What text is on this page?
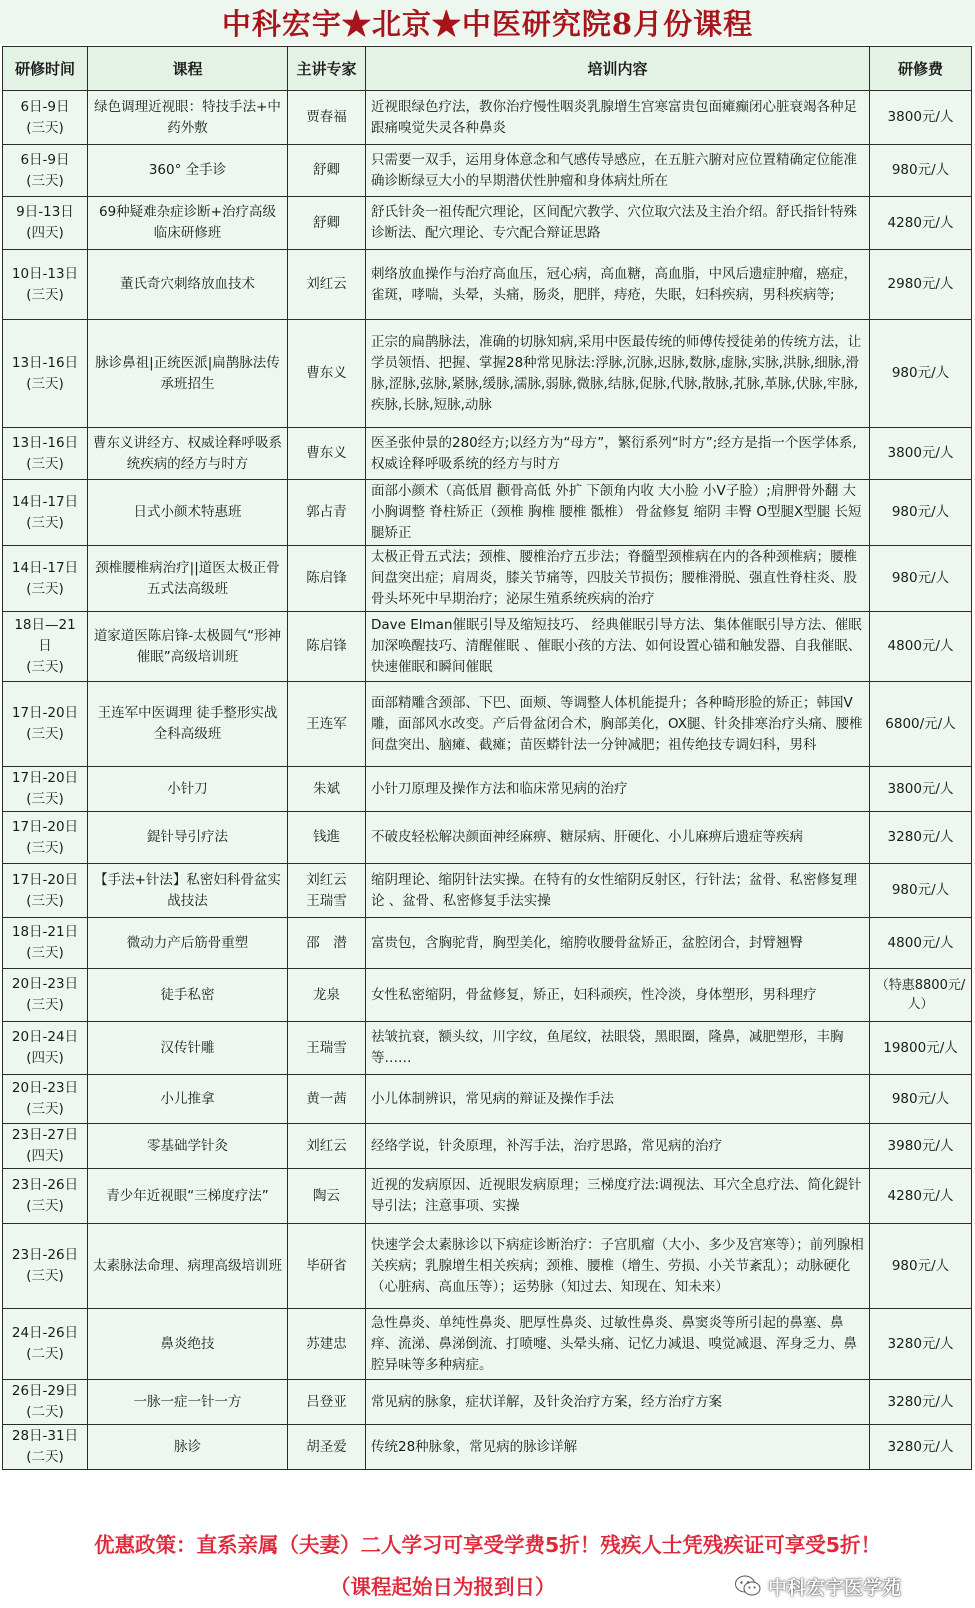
中科宏宇★北京★中医研究院8月份课程
研修时间	课程	主讲专家	培训内容	研修费

6日-9日
(三天)	绿色调理近视眼：特技手法+中药外敷	贾春福	近视眼绿色疗法，教你治疗慢性咽炎乳腺增生宫寒富贵包面瘫癫闭心脏衰竭各种足跟痛嗅觉失灵各种鼻炎	3800元/人

6日-9日
(三天)	360° 全手诊	舒卿	只需要一双手，运用身体意念和气感传导感应，在五脏六腑对应位置精确定位能准确诊断绿豆大小的早期潜伏性肿瘤和身体病灶所在	980元/人

9日-13日
(四天)	69种疑难杂症诊断+治疗高级临床研修班	舒卿	舒氏针灸一祖传配穴理论，区间配穴教学、穴位取穴法及主治介绍。舒氏指针特殊诊断法、配穴理论、专穴配合辩证思路	4280元/人

10日-13日
(三天)	董氏奇穴刺络放血技术	刘红云	刺络放血操作与治疗高血压，冠心病，高血糖，高血脂，中风后遗症肿瘤，癌症，雀斑，哮喘，头晕，头痛，肠炎，肥胖，痔疮，失眠，妇科疾病，男科疾病等;	2980元/人

13日-16日
(三天)	脉诊鼻祖|正统医派|扁鹊脉法传承班招生	曹东义	正宗的扁鹊脉法，准确的切脉知病,采用中医最传统的师傅传授徒弟的传统方法，让学员领悟、把握、掌握28种常见脉法:浮脉,沉脉,迟脉,数脉,虚脉,实脉,洪脉,细脉,滑脉,涩脉,弦脉,紧脉,缓脉,濡脉,弱脉,微脉,结脉,促脉,代脉,散脉,芤脉,革脉,伏脉,牢脉,疾脉,长脉,短脉,动脉	980元/人

13日-16日
(三天)	曹东义讲经方、权威诠释呼吸系统疾病的经方与时方	曹东义	医圣张仲景的280经方;以经方为“母方”，繁衍系列“时方”;经方是指一个医学体系,权威诠释呼吸系统的经方与时方	3800元/人

14日-17日
(三天)	日式小颜术特惠班	郭占青	面部小颜术（高低眉 颧骨高低 外扩 下颌角内收 大小脸 小V子脸）;肩胛骨外翻 大小胸调整 脊柱矫正（颈椎 胸椎 腰椎 骶椎） 骨盆修复 缩阴 丰臀 O型腿X型腿 长短腿矫正	980元/人

14日-17日
(三天)	颈椎腰椎病治疗||道医太极正骨五式法高级班	陈启锋	太极正骨五式法；颈椎、腰椎治疗五步法；脊髓型颈椎病在内的各种颈椎病；腰椎间盘突出症；肩周炎，膝关节痛等，四肢关节损伤；腰椎滑脱、强直性脊柱炎、股骨头坏死中早期治疗；泌尿生殖系统疾病的治疗	980元/人

18日—21日
(三天)	道家道医陈启锋-太极圆气“形神催眠”高级培训班	陈启锋	Dave Elman催眠引导及缩短技巧、 经典催眠引导方法、集体催眠引导方法、催眠加深唤醒技巧、清醒催眠 、催眠小孩的方法、如何设置心锚和触发器、自我催眠、快速催眠和瞬间催眠	4800元/人

17日-20日
(三天)	王连军中医调理 徒手整形实战全科高级班	王连军	面部精雕含颈部、下巴、面颊、等调整人体机能提升；各种畸形脸的矫正；韩国V雕，面部风水改变。产后骨盆闭合术，胸部美化，OX腿、针灸排寒治疗头痛、腰椎间盘突出、脑瘫、截瘫；苗医蟒针法一分钟减肥；祖传绝技专调妇科，男科	6800/元/人

17日-20日
(三天)	小针刀	朱斌	小针刀原理及操作方法和临床常见病的治疗	3800元/人

17日-20日
(三天)	鍉针导引疗法	钱進	不破皮轻松解决颜面神经麻痹、糖尿病、肝硬化、小儿麻痹后遗症等疾病	3280元/人

17日-20日
(三天)	【手法+针法】私密妇科骨盆实战技法	刘红云
王瑞雪	缩阴理论、缩阴针法实操。在特有的女性缩阴反射区，行针法；盆骨、私密修复理论 、盆骨、私密修复手法实操	980元/人

18日-21日
(三天)	微动力产后筋骨重塑	邵　潜	富贵包，含胸驼背，胸型美化，缩胯收腰骨盆矫正，盆腔闭合，封臂翘臀	4800元/人

20日-23日
(三天)	徒手私密	龙泉	女性私密缩阴，骨盆修复，矫正，妇科顽疾，性冷淡，身体塑形，男科理疗	（特惠8800元/人）

20日-24日
(四天)	汉传针雕	王瑞雪	祛皱抗衰，额头纹，川字纹，鱼尾纹，祛眼袋，黑眼圈，隆鼻，减肥塑形，丰胸等……	19800元/人

20日-23日
(三天)	小儿推拿	黄一茜	小儿体制辨识，常见病的辩证及操作手法	980元/人

23日-27日
(四天)	零基础学针灸	刘红云	经络学说，针灸原理，补泻手法，治疗思路，常见病的治疗	3980元/人

23日-26日
(三天)	青少年近视眼“三梯度疗法”	陶云	近视的发病原因、近视眼发病原理；三梯度疗法:调视法、耳穴全息疗法、简化鍉针导引法；注意事项、实操	4280元/人

23日-26日
(三天)	太素脉法命理、病理高级培训班	毕研省	快速学会太素脉诊以下病症诊断治疗：子宫肌瘤（大小、多少及宫寒等）；前列腺相关疾病；乳腺增生相关疾病；颈椎、腰椎（增生、劳损、小关节紊乱）；动脉硬化（心脏病、高血压等）；运势脉（知过去、知现在、知未来）	980元/人

24日-26日
(二天)	鼻炎绝技	苏建忠	急性鼻炎、单纯性鼻炎、肥厚性鼻炎、过敏性鼻炎、鼻窦炎等所引起的鼻塞、鼻痒、流涕、鼻涕倒流、打喷嚏、头晕头痛、记忆力减退、嗅觉减退、浑身乏力、鼻腔异味等多种病症。	3280元/人

26日-29日
(二天)	一脉一症一针一方	吕登亚	常见病的脉象，症状详解，及针灸治疗方案，经方治疗方案	3280元/人

28日-31日
(二天)	脉诊	胡圣爱	传统28种脉象，常见病的脉诊详解	3280元/人
优惠政策：直系亲属（夫妻）二人学习可享受学费5折！残疾人士凭残疾证可享受5折！
（课程起始日为报到日）	中科宏宇医学苑
